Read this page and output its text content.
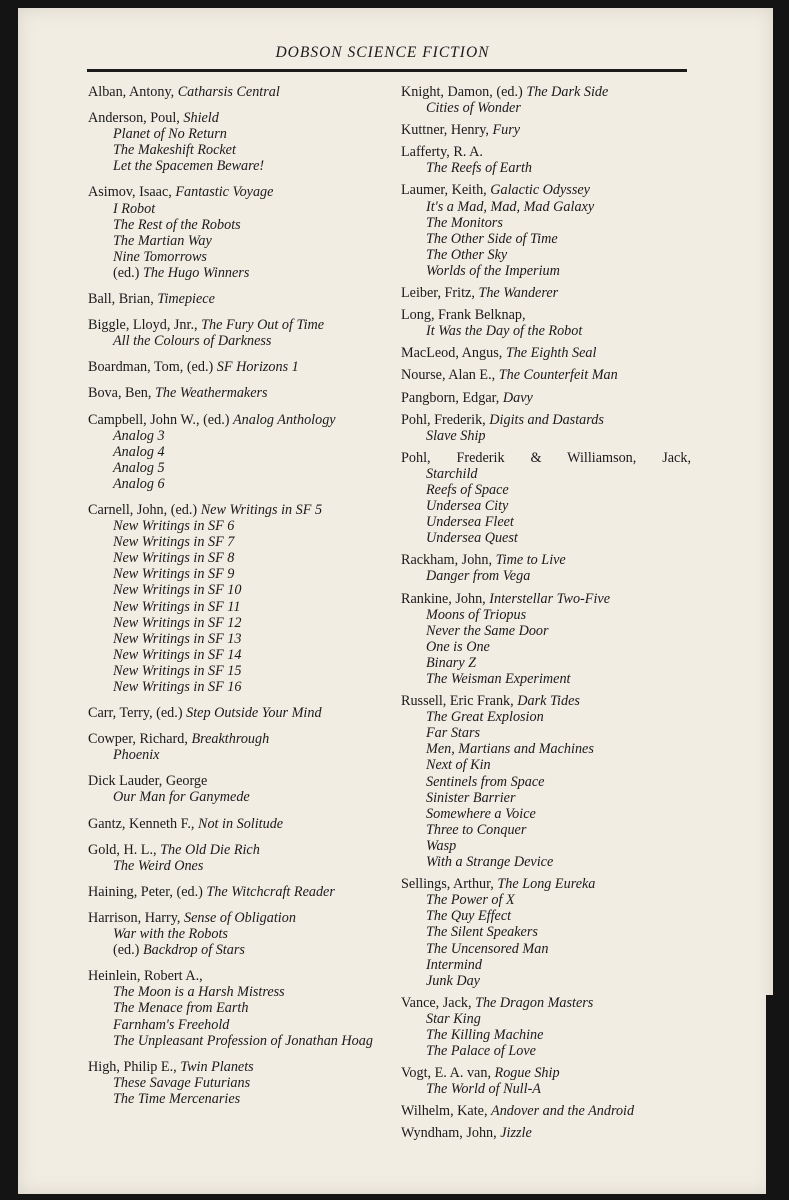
DOBSON SCIENCE FICTION
Alban, Antony, Catharsis Central
Anderson, Poul, Shield
Planet of No Return
The Makeshift Rocket
Let the Spacemen Beware!
Asimov, Isaac, Fantastic Voyage
I Robot
The Rest of the Robots
The Martian Way
Nine Tomorrows
(ed.) The Hugo Winners
Ball, Brian, Timepiece
Biggle, Lloyd, Jnr., The Fury Out of Time
All the Colours of Darkness
Boardman, Tom, (ed.) SF Horizons 1
Bova, Ben, The Weathermakers
Campbell, John W., (ed.) Analog Anthology
Analog 3
Analog 4
Analog 5
Analog 6
Carnell, John, (ed.) New Writings in SF 5
New Writings in SF 6
New Writings in SF 7
New Writings in SF 8
New Writings in SF 9
New Writings in SF 10
New Writings in SF 11
New Writings in SF 12
New Writings in SF 13
New Writings in SF 14
New Writings in SF 15
New Writings in SF 16
Carr, Terry, (ed.) Step Outside Your Mind
Cowper, Richard, Breakthrough
Phoenix
Dick Lauder, George
Our Man for Ganymede
Gantz, Kenneth F., Not in Solitude
Gold, H. L., The Old Die Rich
The Weird Ones
Haining, Peter, (ed.) The Witchcraft Reader
Harrison, Harry, Sense of Obligation
War with the Robots
(ed.) Backdrop of Stars
Heinlein, Robert A.,
The Moon is a Harsh Mistress
The Menace from Earth
Farnham's Freehold
The Unpleasant Profession of Jonathan Hoag
High, Philip E., Twin Planets
These Savage Futurians
The Time Mercenaries
Knight, Damon, (ed.) The Dark Side
Cities of Wonder
Kuttner, Henry, Fury
Lafferty, R. A.
The Reefs of Earth
Laumer, Keith, Galactic Odyssey
It's a Mad, Mad, Mad Galaxy
The Monitors
The Other Side of Time
The Other Sky
Worlds of the Imperium
Leiber, Fritz, The Wanderer
Long, Frank Belknap,
It Was the Day of the Robot
MacLeod, Angus, The Eighth Seal
Nourse, Alan E., The Counterfeit Man
Pangborn, Edgar, Davy
Pohl, Frederik, Digits and Dastards
Slave Ship
Pohl, Frederik & Williamson, Jack,
Starchild
Reefs of Space
Undersea City
Undersea Fleet
Undersea Quest
Rackham, John, Time to Live
Danger from Vega
Rankine, John, Interstellar Two-Five
Moons of Triopus
Never the Same Door
One is One
Binary Z
The Weisman Experiment
Russell, Eric Frank, Dark Tides
The Great Explosion
Far Stars
Men, Martians and Machines
Next of Kin
Sentinels from Space
Sinister Barrier
Somewhere a Voice
Three to Conquer
Wasp
With a Strange Device
Sellings, Arthur, The Long Eureka
The Power of X
The Quy Effect
The Silent Speakers
The Uncensored Man
Intermind
Junk Day
Vance, Jack, The Dragon Masters
Star King
The Killing Machine
The Palace of Love
Vogt, E. A. van, Rogue Ship
The World of Null-A
Wilhelm, Kate, Andover and the Android
Wyndham, John, Jizzle
